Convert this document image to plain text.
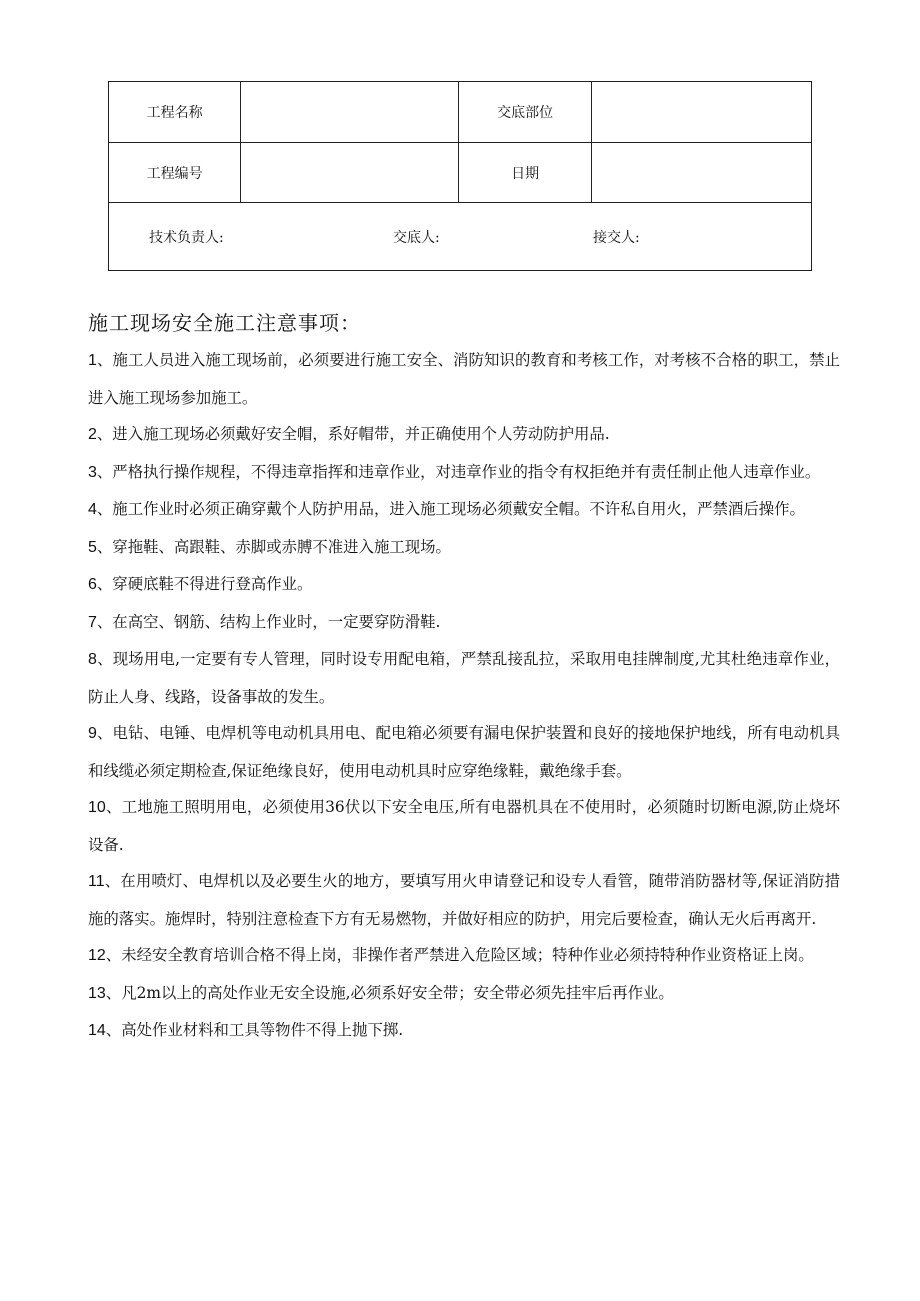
工程名称		交底部位	
工程编号		日期	

技术负责人: 交底人: 接交人:			
施工现场安全施工注意事项：
1、施工人员进入施工现场前，必须要进行施工安全、消防知识的教育和考核工作，对考核不合格的职工，禁止进入施工现场参加施工。
2、进入施工现场必须戴好安全帽，系好帽带，并正确使用个人劳动防护用品.
3、严格执行操作规程，不得违章指挥和违章作业，对违章作业的指令有权拒绝并有责任制止他人违章作业。
4、施工作业时必须正确穿戴个人防护用品，进入施工现场必须戴安全帽。不许私自用火，严禁酒后操作。
5、穿拖鞋、高跟鞋、赤脚或赤膊不准进入施工现场。
6、穿硬底鞋不得进行登高作业。
7、在高空、钢筋、结构上作业时，一定要穿防滑鞋.
8、现场用电,一定要有专人管理，同时设专用配电箱，严禁乱接乱拉，采取用电挂牌制度,尤其杜绝违章作业，防止人身、线路，设备事故的发生。
9、电钻、电锤、电焊机等电动机具用电、配电箱必须要有漏电保护装置和良好的接地保护地线，所有电动机具和线缆必须定期检查,保证绝缘良好，使用电动机具时应穿绝缘鞋，戴绝缘手套。
10、工地施工照明用电，必须使用36伏以下安全电压,所有电器机具在不使用时，必须随时切断电源,防止烧坏设备.
11、在用喷灯、电焊机以及必要生火的地方，要填写用火申请登记和设专人看管，随带消防器材等,保证消防措施的落实。施焊时，特别注意检查下方有无易燃物，并做好相应的防护，用完后要检查，确认无火后再离开.
12、未经安全教育培训合格不得上岗，非操作者严禁进入危险区域；特种作业必须持特种作业资格证上岗。
13、凡2m以上的高处作业无安全设施,必须系好安全带；安全带必须先挂牢后再作业。
14、高处作业材料和工具等物件不得上抛下掷.
